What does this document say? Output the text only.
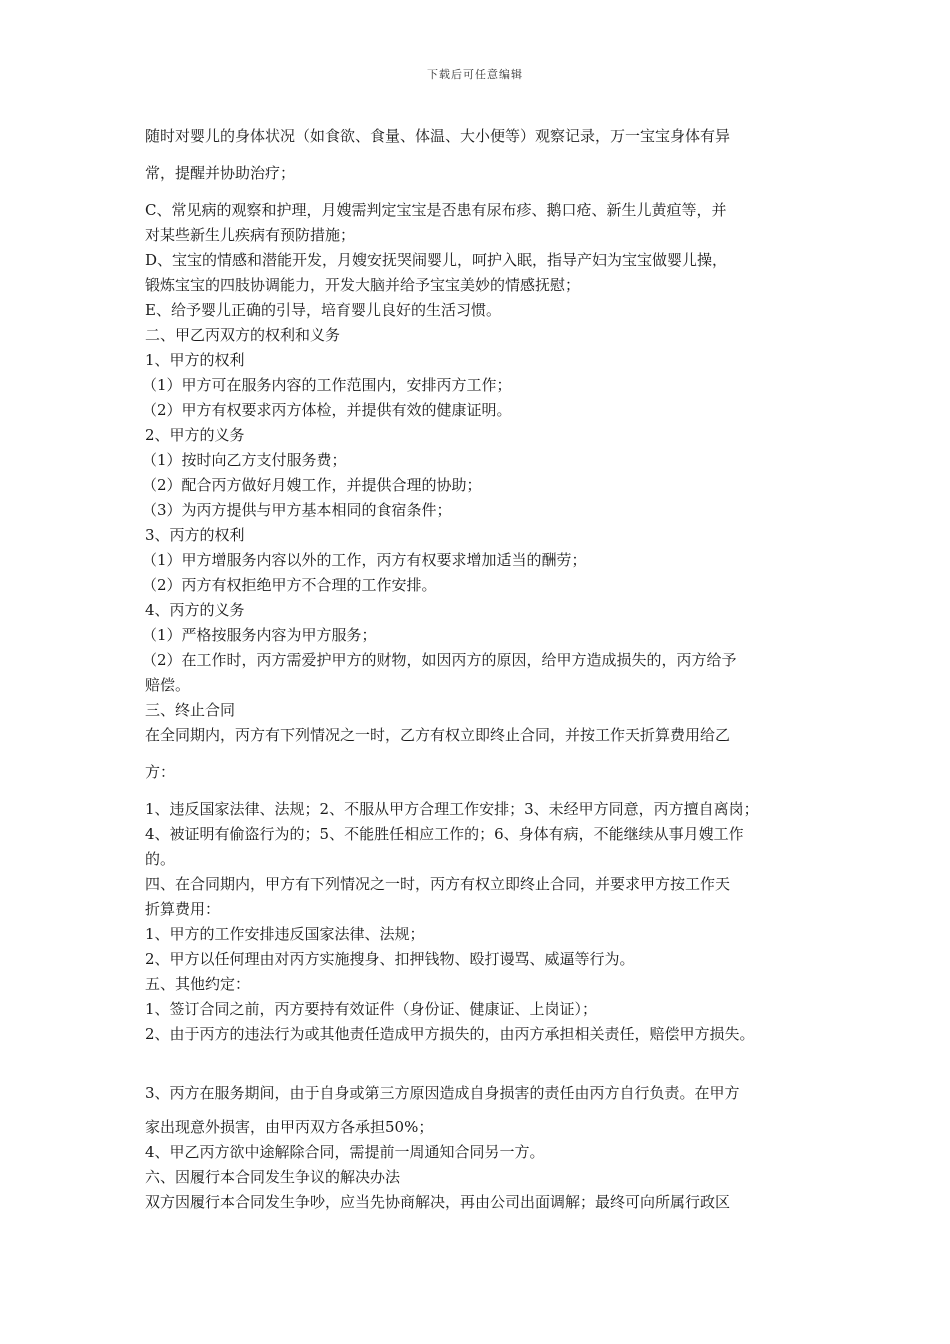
下载后可任意编辑
随时对婴儿的身体状况（如食欲、食量、体温、大小便等）观察记录，万一宝宝身体有异
常，提醒并协助治疗；
C、常见病的观察和护理，月嫂需判定宝宝是否患有尿布疹、鹅口疮、新生儿黄疸等，并
对某些新生儿疾病有预防措施；
D、宝宝的情感和潜能开发，月嫂安抚哭闹婴儿，呵护入眠，指导产妇为宝宝做婴儿操，
锻炼宝宝的四肢协调能力，开发大脑并给予宝宝美妙的情感抚慰；
E、给予婴儿正确的引导，培育婴儿良好的生活习惯。
二、甲乙丙双方的权利和义务
1、甲方的权利
（1）甲方可在服务内容的工作范围内，安排丙方工作；
（2）甲方有权要求丙方体检，并提供有效的健康证明。
2、甲方的义务
（1）按时向乙方支付服务费；
（2）配合丙方做好月嫂工作，并提供合理的协助；
（3）为丙方提供与甲方基本相同的食宿条件；
3、丙方的权利
（1）甲方增服务内容以外的工作，丙方有权要求增加适当的酬劳；
（2）丙方有权拒绝甲方不合理的工作安排。
4、丙方的义务
（1）严格按服务内容为甲方服务；
（2）在工作时，丙方需爱护甲方的财物，如因丙方的原因，给甲方造成损失的，丙方给予
赔偿。
三、终止合同
在全同期内，丙方有下列情况之一时，乙方有权立即终止合同，并按工作天折算费用给乙
方：
1、违反国家法律、法规；2、不服从甲方合理工作安排；3、未经甲方同意，丙方擅自离岗；
4、被证明有偷盗行为的；5、不能胜任相应工作的；6、身体有病，不能继续从事月嫂工作
的。
四、在合同期内，甲方有下列情况之一时，丙方有权立即终止合同，并要求甲方按工作天
折算费用：
1、甲方的工作安排违反国家法律、法规；
2、甲方以任何理由对丙方实施搜身、扣押钱物、殴打谩骂、威逼等行为。
五、其他约定：
1、签订合同之前，丙方要持有效证件（身份证、健康证、上岗证）；
2、由于丙方的违法行为或其他责任造成甲方损失的，由丙方承担相关责任，赔偿甲方损失。

3、丙方在服务期间，由于自身或第三方原因造成自身损害的责任由丙方自行负责。在甲方
家出现意外损害，由甲丙双方各承担50%；
4、甲乙丙方欲中途解除合同，需提前一周通知合同另一方。
六、因履行本合同发生争议的解决办法
双方因履行本合同发生争吵，应当先协商解决，再由公司出面调解；最终可向所属行政区
